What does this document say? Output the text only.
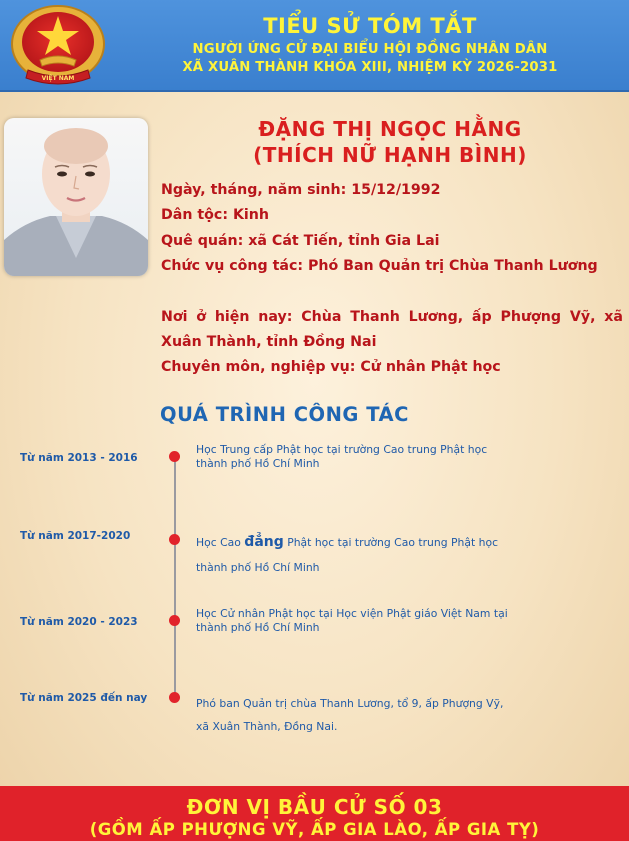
VIỆT NAM
TIỂU SỬ TÓM TẮT
NGƯỜI ỨNG CỬ ĐẠI BIỂU HỘI ĐỒNG NHÂN DÂN
XÃ XUÂN THÀNH KHÓA XIII, NHIỆM KỲ 2026-2031
ĐẶNG THỊ NGỌC HẰNG
(THÍCH NỮ HẠNH BÌNH)
Ngày, tháng, năm sinh: 15/12/1992
Dân tộc: Kinh
Quê quán: xã Cát Tiến, tỉnh Gia Lai
Chức vụ công tác: Phó Ban Quản trị Chùa Thanh Lương
Nơi ở hiện nay: Chùa Thanh Lương, ấp Phượng Vỹ, xã Xuân Thành, tỉnh Đồng Nai
Chuyên môn, nghiệp vụ: Cử nhân Phật học
QUÁ TRÌNH CÔNG TÁC
Từ năm 2013 - 2016
Học Trung cấp Phật học tại trường Cao trung Phật học
thành phố Hồ Chí Minh
Từ năm 2017-2020	Học Cao đẳng Phật học tại trường Cao trung Phật học
thành phố Hồ Chí Minh
Từ năm 2020 - 2023
Học Cử nhân Phật học tại Học viện Phật giáo Việt Nam tại
thành phố Hồ Chí Minh
Từ năm 2025 đến nay	Phó ban Quản trị chùa Thanh Lương, tổ 9, ấp Phượng Vỹ,
xã Xuân Thành, Đồng Nai.
ĐƠN VỊ BẦU CỬ SỐ 03
(GỒM ẤP PHƯỢNG VỸ, ẤP GIA LÀO, ẤP GIA TỴ)
